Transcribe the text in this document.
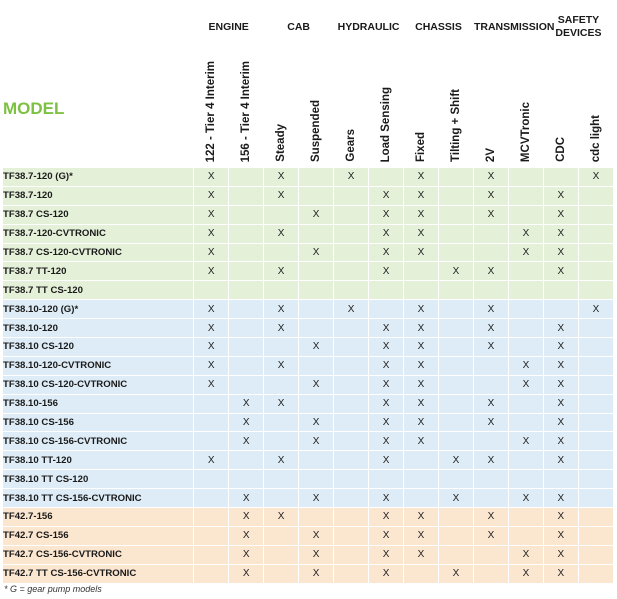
	ENGINE		CAB		HYDRAULIC		CHASSIS		TRANSMISSION		SAFETY DEVICES	
MODEL	122 - Tier 4 Interim	156 - Tier 4 Interim	Steady	Suspended	Gears	Load Sensing	Fixed	Tilting + Shift	2V	MCVTronic	CDC	cdc light
TF38.7-120 (G)*	X		X		X		X		X			X
TF38.7-120	X		X			X	X		X		X	
TF38.7 CS-120	X			X		X	X		X		X	
TF38.7-120-CVTRONIC	X		X			X	X			X	X	
TF38.7 CS-120-CVTRONIC	X			X		X	X			X	X	
TF38.7 TT-120	X		X			X		X	X		X	
TF38.7 TT CS-120												
TF38.10-120 (G)*	X		X		X		X		X			X
TF38.10-120	X		X			X	X		X		X	
TF38.10 CS-120	X			X		X	X		X		X	
TF38.10-120-CVTRONIC	X		X			X	X			X	X	
TF38.10 CS-120-CVTRONIC	X			X		X	X			X	X	
TF38.10-156		X	X			X	X		X		X	
TF38.10 CS-156		X		X		X	X		X		X	
TF38.10 CS-156-CVTRONIC		X		X		X	X			X	X	
TF38.10 TT-120	X		X			X		X	X		X	
TF38.10 TT CS-120												
TF38.10 TT CS-156-CVTRONIC		X		X		X		X		X	X	
TF42.7-156		X	X			X	X		X		X	
TF42.7 CS-156		X		X		X	X		X		X	
TF42.7 CS-156-CVTRONIC		X		X		X	X			X	X	
TF42.7 TT CS-156-CVTRONIC		X		X		X		X		X	X	
* G = gear pump models
